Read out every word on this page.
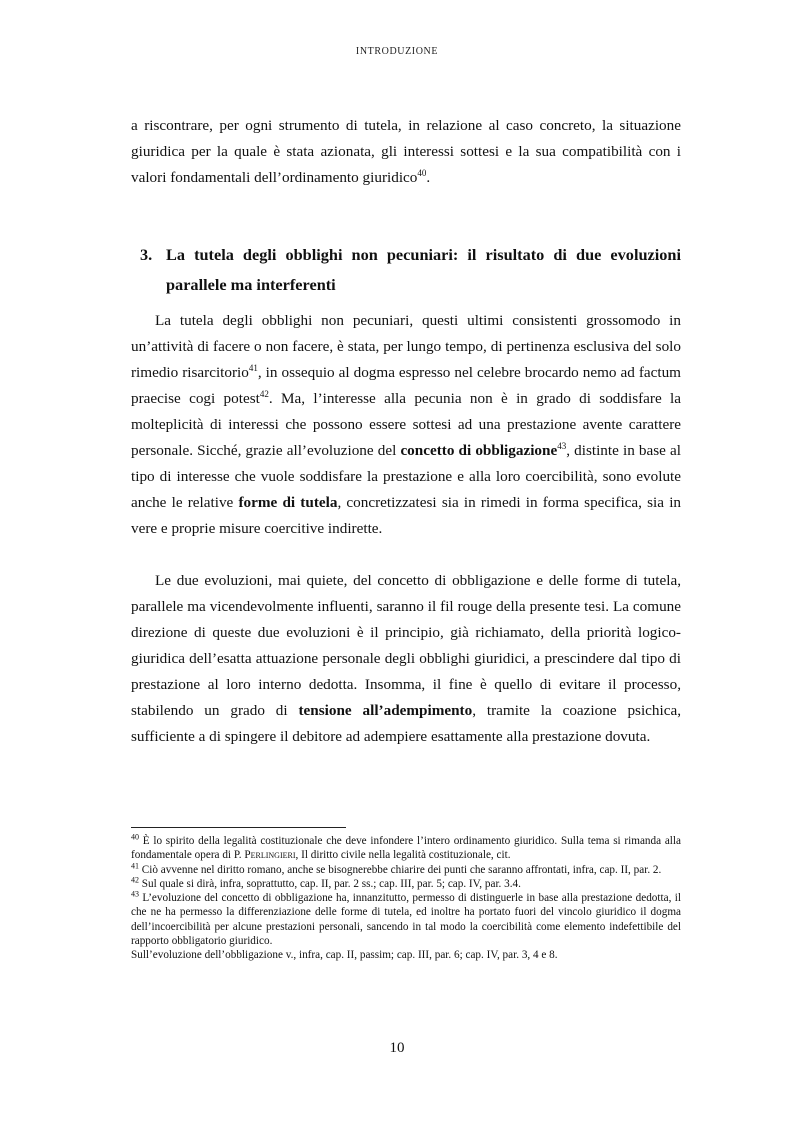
INTRODUZIONE

a riscontrare, per ogni strumento di tutela, in relazione al caso concreto, la situazione giuridica per la quale è stata azionata, gli interessi sottesi e la sua compatibilità con i valori fondamentali dell’ordinamento giuridico$^{40}$.

3. La tutela degli obblighi non pecuniari: il risultato di due evoluzioni parallele ma interferenti

La tutela degli obblighi non pecuniari, questi ultimi consistenti grossomodo in un’attività di facere o non facere, è stata, per lungo tempo, di pertinenza esclusiva del solo rimedio risarcitorio$^{41}$, in ossequio al dogma espresso nel celebre brocardo nemo ad factum praecise cogi potest$^{42}$. Ma, l’interesse alla pecunia non è in grado di soddisfare la molteplicità di interessi che possono essere sottesi ad una prestazione avente carattere personale. Sicché, grazie all’evoluzione del concetto di obbligazione$^{43}$, distinte in base al tipo di interesse che vuole soddisfare la prestazione e alla loro coercibilità, sono evolute anche le relative forme di tutela, concretizzatesi sia in rimedi in forma specifica, sia in vere e proprie misure coercitive indirette.

Le due evoluzioni, mai quiete, del concetto di obbligazione e delle forme di tutela, parallele ma vicendevolmente influenti, saranno il fil rouge della presente tesi. La comune direzione di queste due evoluzioni è il principio, già richiamato, della priorità logico-giuridica dell’esatta attuazione personale degli obblighi giuridici, a prescindere dal tipo di prestazione al loro interno dedotta. Insomma, il fine è quello di evitare il processo, stabilendo un grado di tensione all’adempimento, tramite la coazione psichica, sufficiente a di spingere il debitore ad adempiere esattamente alla prestazione dovuta.

$^{40}$ È lo spirito della legalità costituzionale che deve infondere l’intero ordinamento giuridico. Sulla tema si rimanda alla fondamentale opera di P. Perlingieri, Il diritto civile nella legalità costituzionale, cit.

$^{41}$ Ciò avvenne nel diritto romano, anche se bisognerebbe chiarire dei punti che saranno affrontati, infra, cap. II, par. 2.

$^{42}$ Sul quale si dirà, infra, soprattutto, cap. II, par. 2 ss.; cap. III, par. 5; cap. IV, par. 3.4.

$^{43}$ L’evoluzione del concetto di obbligazione ha, innanzitutto, permesso di distinguerle in base alla prestazione dedotta, il che ne ha permesso la differenziazione delle forme di tutela, ed inoltre ha portato fuori del vincolo giuridico il dogma dell’incoercibilità per alcune prestazioni personali, sancendo in tal modo la coercibilità come elemento indefettibile del rapporto obbligatorio giuridico.

Sull’evoluzione dell’obbligazione v., infra, cap. II, passim; cap. III, par. 6; cap. IV, par. 3, 4 e 8.

10
